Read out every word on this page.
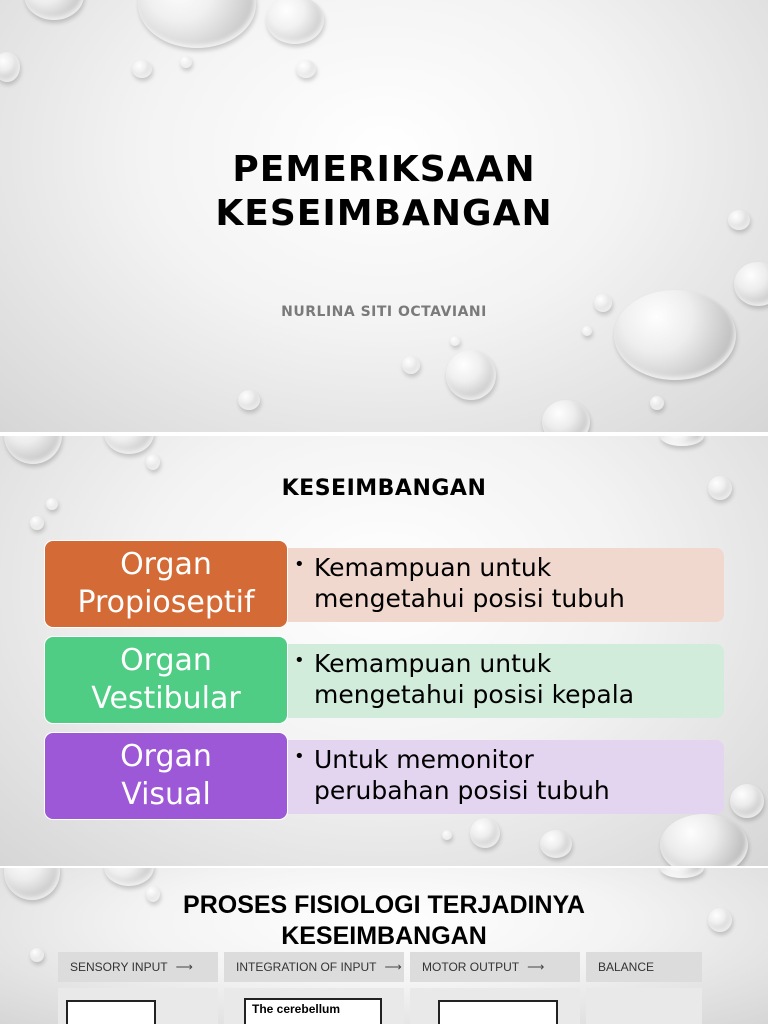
PEMERIKSAAN
KESEIMBANGAN
NURLINA SITI OCTAVIANI
KESEIMBANGAN
Organ
Propioseptif
• Kemampuan untuk
mengetahui posisi tubuh
Organ
Vestibular
• Kemampuan untuk
mengetahui posisi kepala
Organ
Visual
• Untuk memonitor
perubahan posisi tubuh
PROSES FISIOLOGI TERJADINYA
KESEIMBANGAN
SENSORY INPUT ⟶	INTEGRATION OF INPUT ⟶ MOTOR OUTPUT ⟶	BALANCE
The cerebellum
